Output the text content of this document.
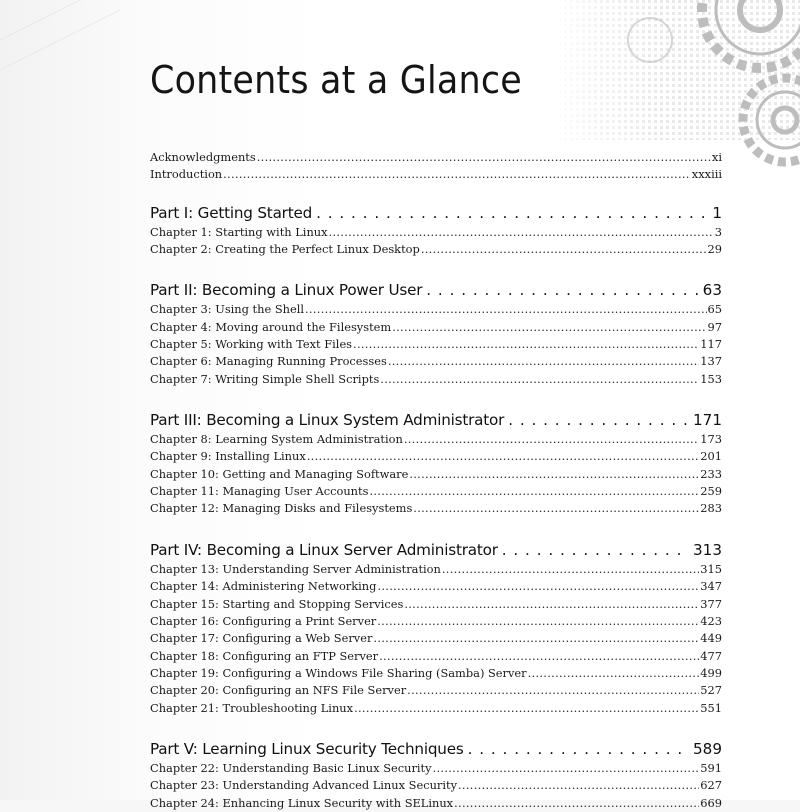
Contents at a Glance
Acknowledgments .....	xi
Introduction .....	xxxiii
Part I: Getting Started . . .	1
Chapter 1: Starting with Linux .....	3
Chapter 2: Creating the Perfect Linux Desktop .....	29
Part II: Becoming a Linux Power User . . .	63
Chapter 3: Using the Shell .....	65
Chapter 4: Moving around the Filesystem .....	97
Chapter 5: Working with Text Files .....	117
Chapter 6: Managing Running Processes .....	137
Chapter 7: Writing Simple Shell Scripts .....	153
Part III: Becoming a Linux System Administrator . . .	171
Chapter 8: Learning System Administration .....	173
Chapter 9: Installing Linux .....	201
Chapter 10: Getting and Managing Software .....	233
Chapter 11: Managing User Accounts .....	259
Chapter 12: Managing Disks and Filesystems .....	283
Part IV: Becoming a Linux Server Administrator . . .	313
Chapter 13: Understanding Server Administration .....	315
Chapter 14: Administering Networking .....	347
Chapter 15: Starting and Stopping Services .....	377
Chapter 16: Configuring a Print Server .....	423
Chapter 17: Configuring a Web Server .....	449
Chapter 18: Configuring an FTP Server .....	477
Chapter 19: Configuring a Windows File Sharing (Samba) Server .....	499
Chapter 20: Configuring an NFS File Server .....	527
Chapter 21: Troubleshooting Linux .....	551
Part V: Learning Linux Security Techniques . . .	589
Chapter 22: Understanding Basic Linux Security .....	591
Chapter 23: Understanding Advanced Linux Security .....	627
Chapter 24: Enhancing Linux Security with SELinux .....	669
